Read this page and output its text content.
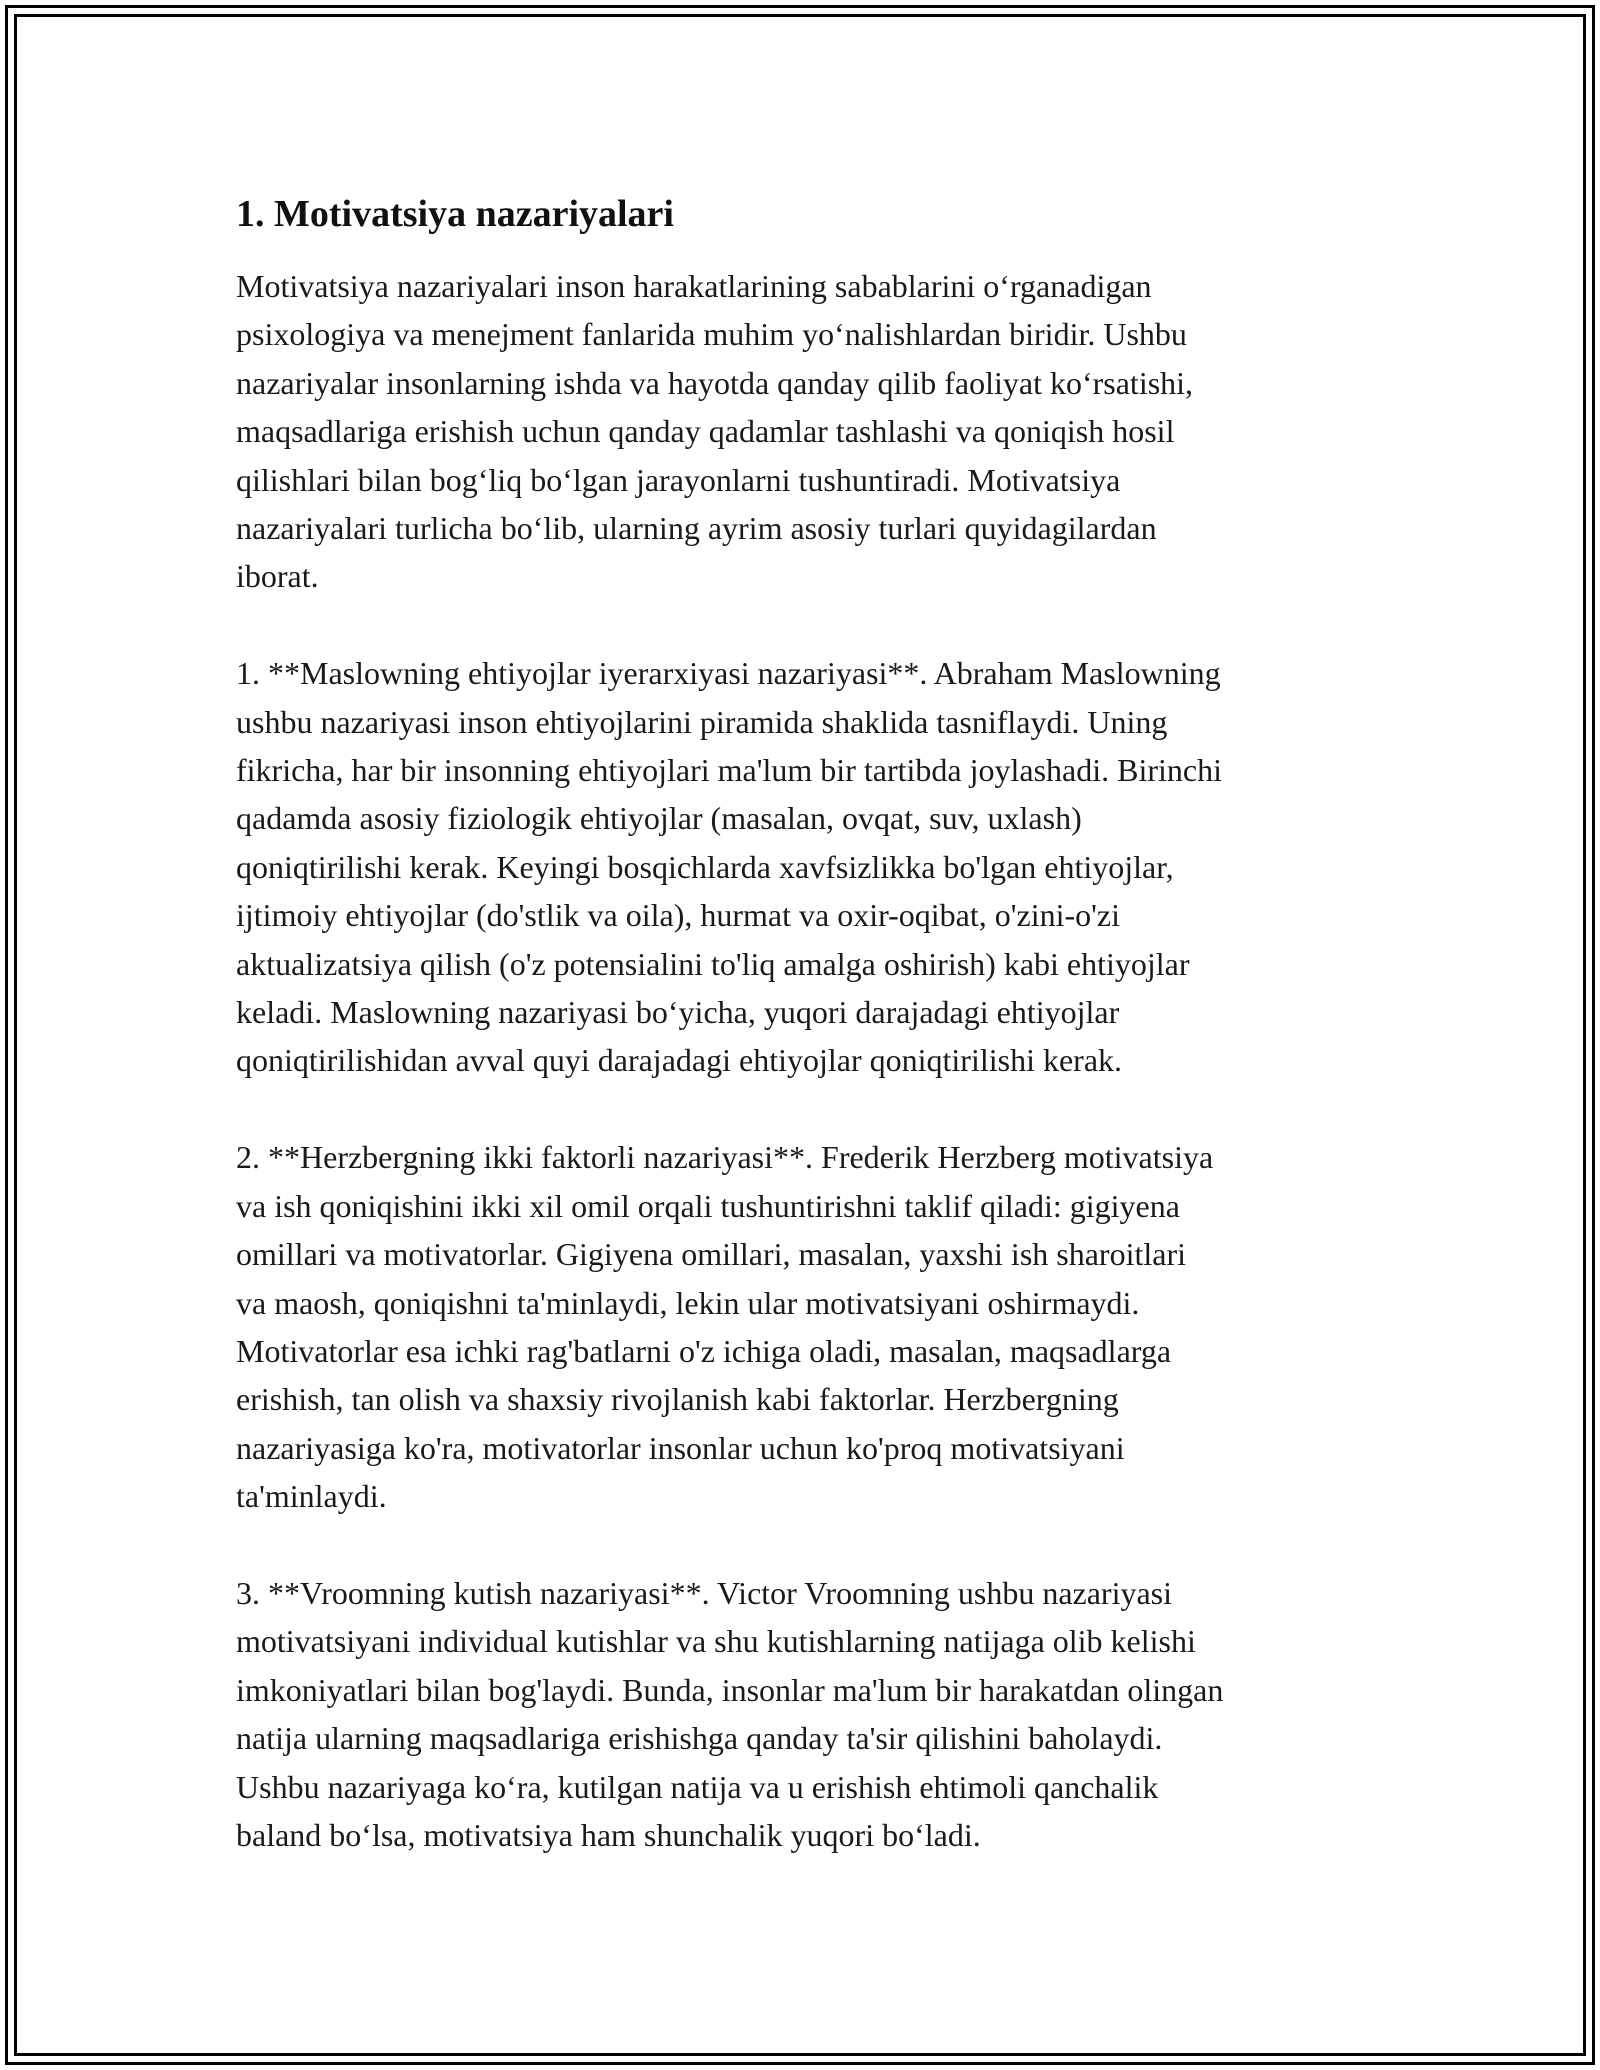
1. Motivatsiya nazariyalari

Motivatsiya nazariyalari inson harakatlarining sabablarini o‘rganadigan
psixologiya va menejment fanlarida muhim yo‘nalishlardan biridir. Ushbu
nazariyalar insonlarning ishda va hayotda qanday qilib faoliyat ko‘rsatishi,
maqsadlariga erishish uchun qanday qadamlar tashlashi va qoniqish hosil
qilishlari bilan bog‘liq bo‘lgan jarayonlarni tushuntiradi. Motivatsiya
nazariyalari turlicha bo‘lib, ularning ayrim asosiy turlari quyidagilardan
iborat.

1. **Maslowning ehtiyojlar iyerarxiyasi nazariyasi**. Abraham Maslowning
ushbu nazariyasi inson ehtiyojlarini piramida shaklida tasniflaydi. Uning
fikricha, har bir insonning ehtiyojlari ma'lum bir tartibda joylashadi. Birinchi
qadamda asosiy fiziologik ehtiyojlar (masalan, ovqat, suv, uxlash)
qoniqtirilishi kerak. Keyingi bosqichlarda xavfsizlikka bo'lgan ehtiyojlar,
ijtimoiy ehtiyojlar (do'stlik va oila), hurmat va oxir-oqibat, o'zini-o'zi
aktualizatsiya qilish (o'z potensialini to'liq amalga oshirish) kabi ehtiyojlar
keladi. Maslowning nazariyasi bo‘yicha, yuqori darajadagi ehtiyojlar
qoniqtirilishidan avval quyi darajadagi ehtiyojlar qoniqtirilishi kerak.

2. **Herzbergning ikki faktorli nazariyasi**. Frederik Herzberg motivatsiya
va ish qoniqishini ikki xil omil orqali tushuntirishni taklif qiladi: gigiyena
omillari va motivatorlar. Gigiyena omillari, masalan, yaxshi ish sharoitlari
va maosh, qoniqishni ta'minlaydi, lekin ular motivatsiyani oshirmaydi.
Motivatorlar esa ichki rag'batlarni o'z ichiga oladi, masalan, maqsadlarga
erishish, tan olish va shaxsiy rivojlanish kabi faktorlar. Herzbergning
nazariyasiga ko'ra, motivatorlar insonlar uchun ko'proq motivatsiyani
ta'minlaydi.

3. **Vroomning kutish nazariyasi**. Victor Vroomning ushbu nazariyasi
motivatsiyani individual kutishlar va shu kutishlarning natijaga olib kelishi
imkoniyatlari bilan bog'laydi. Bunda, insonlar ma'lum bir harakatdan olingan
natija ularning maqsadlariga erishishga qanday ta'sir qilishini baholaydi.
Ushbu nazariyaga ko‘ra, kutilgan natija va u erishish ehtimoli qanchalik
baland bo‘lsa, motivatsiya ham shunchalik yuqori bo‘ladi.
